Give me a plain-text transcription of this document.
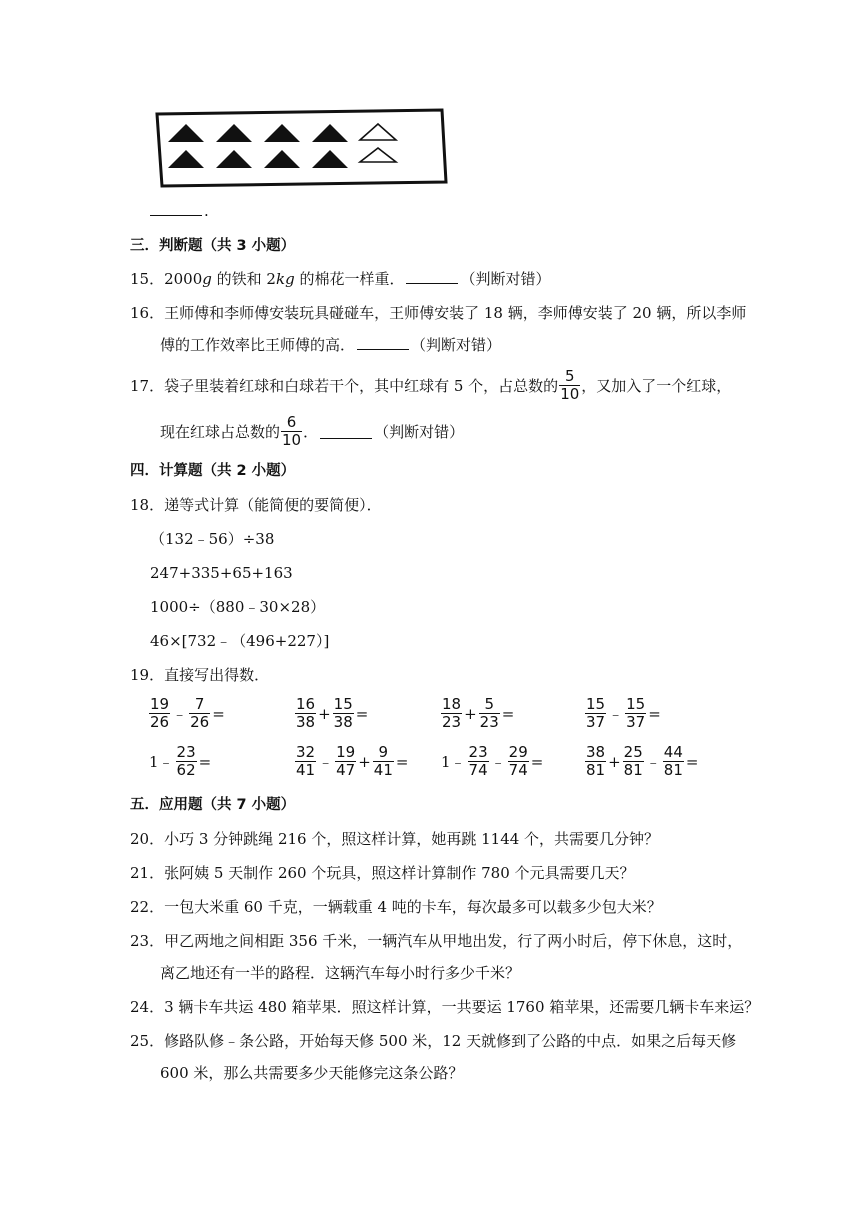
.
三．判断题（共 3 小题）
15．2000g 的铁和 2kg 的棉花一样重．	（判断对错）
16．王师傅和李师傅安装玩具碰碰车，王师傅安装了 18 辆，李师傅安装了 20 辆，所以李师
傅的工作效率比王师傅的高．	（判断对错）
17． 袋子里装着红球和白球若干个，其中红球有 5 个，占总数的 $\frac{5}{10}$ ，又加入了一个红球，
现在红球占总数的 $\frac{6}{10}$ ．	（判断对错）
四．计算题（共 2 小题）
18．递等式计算（能简便的要简便）．
（132﹣56）÷38
247+335+65+163
1000÷（880﹣30×28）
46×[732﹣（496+227）]
19．直接写出得数．
$\frac{19}{26}$ ﹣ $\frac{7}{26}$ =	$\frac{16}{38} + \frac{15}{38}$ =	$\frac{18}{23} + \frac{5}{23}$ =	$\frac{15}{37}$ ﹣ $\frac{15}{37}$ =
1﹣ $\frac{23}{62}$ =	$\frac{32}{41}$ ﹣ $\frac{19}{47} + \frac{9}{41}$ = 1﹣ $\frac{23}{74}$ ﹣ $\frac{29}{74}$ =	$\frac{38}{81} + \frac{25}{81}$ ﹣ $\frac{44}{81}$ =
五．应用题（共 7 小题）
20．小巧 3 分钟跳绳 216 个，照这样计算，她再跳 1144 个，共需要几分钟？
21．张阿姨 5 天制作 260 个玩具，照这样计算制作 780 个元具需要几天？
22．一包大米重 60 千克，一辆载重 4 吨的卡车，每次最多可以载多少包大米？
23．甲乙两地之间相距 356 千米，一辆汽车从甲地出发，行了两小时后，停下休息，这时，
离乙地还有一半的路程．这辆汽车每小时行多少千米？
24．3 辆卡车共运 480 箱苹果．照这样计算，一共要运 1760 箱苹果，还需要几辆卡车来运？
25．修路队修﹣条公路，开始每天修 500 米，12 天就修到了公路的中点．如果之后每天修
600 米，那么共需要多少天能修完这条公路？
